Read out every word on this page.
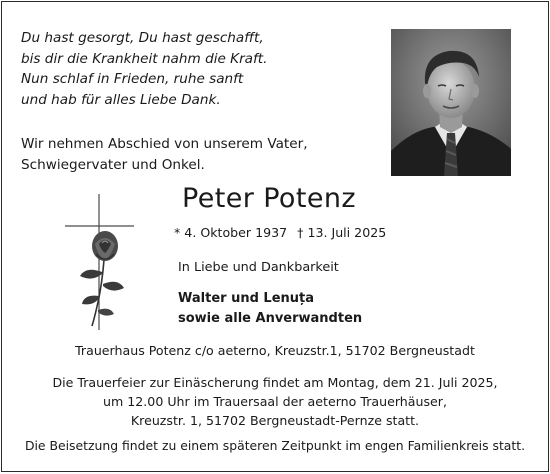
Du hast gesorgt, Du hast geschafft,
bis dir die Krankheit nahm die Kraft.
Nun schlaf in Frieden, ruhe sanft
und hab für alles Liebe Dank.
Wir nehmen Abschied von unserem Vater,
Schwiegervater und Onkel.
Peter Potenz
* 4. Oktober 1937 † 13. Juli 2025
In Liebe und Dankbarkeit
Walter und Lenuța
sowie alle Anverwandten
Trauerhaus Potenz c/o aeterno, Kreuzstr.1, 51702 Bergneustadt
Die Trauerfeier zur Einäscherung findet am Montag, dem 21. Juli 2025,
um 12.00 Uhr im Trauersaal der aeterno Trauerhäuser,
Kreuzstr. 1, 51702 Bergneustadt-Pernze statt.
Die Beisetzung findet zu einem späteren Zeitpunkt im engen Familienkreis statt.
